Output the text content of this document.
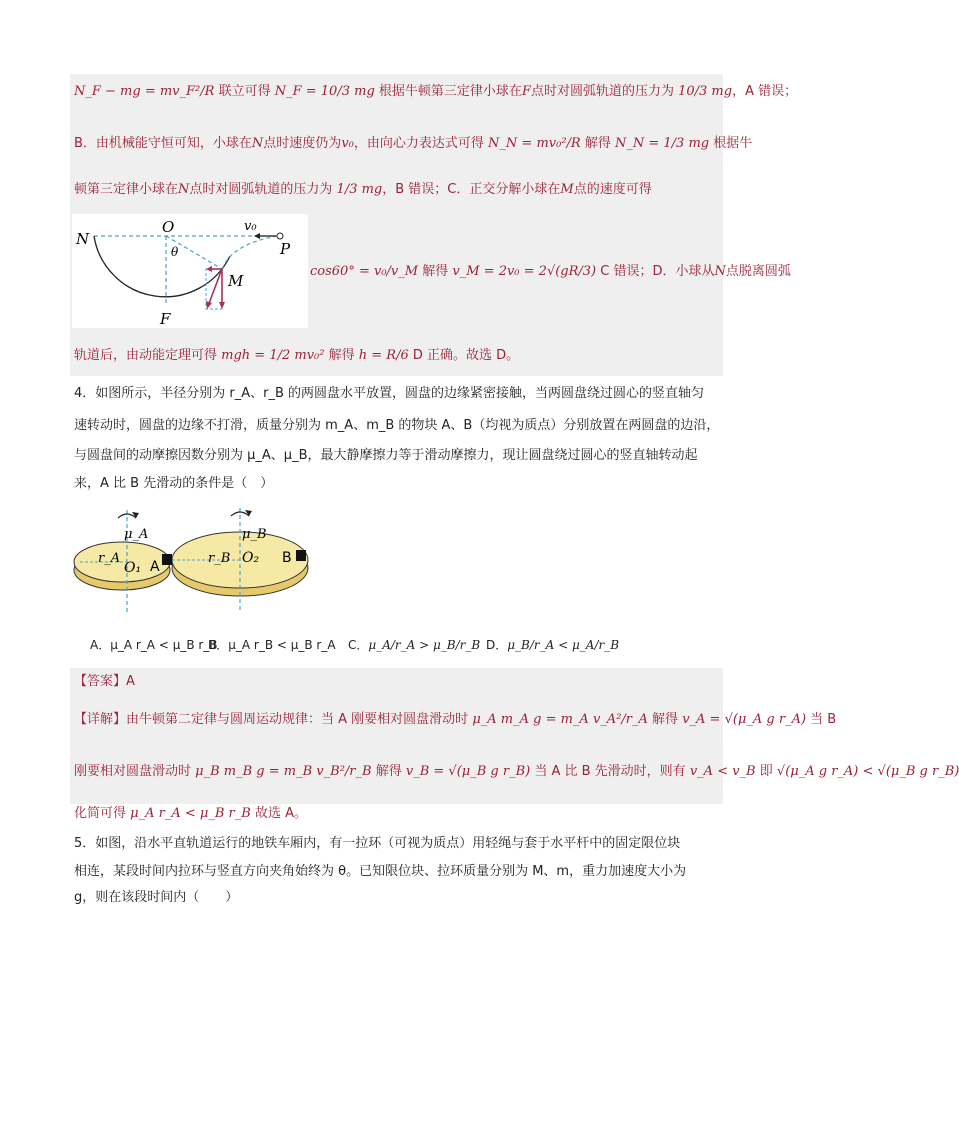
N_F − mg = mv_F²/R 联立可得 N_F = 10/3 mg 根据牛顿第三定律小球在F点时对圆弧轨道的压力为 10/3 mg，A 错误；
B．由机械能守恒可知，小球在N点时速度仍为v₀，由向心力表达式可得 N_N = mv₀²/R 解得 N_N = 1/3 mg 根据牛
顿第三定律小球在N点时对圆弧轨道的压力为 1/3 mg，B 错误；C．正交分解小球在M点的速度可得
N
O
θ
v₀
P
M
F
cos60° = v₀/v_M 解得 v_M = 2v₀ = 2√(gR/3) C 错误；D．小球从N点脱离圆弧
轨道后，由动能定理可得 mgh = 1/2 mv₀² 解得 h = R/6 D 正确。故选 D。
4．如图所示，半径分别为 r_A、r_B 的两圆盘水平放置，圆盘的边缘紧密接触，当两圆盘绕过圆心的竖直轴匀
速转动时，圆盘的边缘不打滑，质量分别为 m_A、m_B 的物块 A、B（均视为质点）分别放置在两圆盘的边沿，
与圆盘间的动摩擦因数分别为 μ_A、μ_B，最大静摩擦力等于滑动摩擦力，现让圆盘绕过圆心的竖直轴转动起
来，A 比 B 先滑动的条件是（　）
μ_A
r_A
O₁ A
μ_B
r_B O₂ B
A．μ_A r_A < μ_B r_B
B．μ_A r_B < μ_B r_A C．μ_A/r_A > μ_B/r_B D．μ_B/r_A < μ_A/r_B
【答案】A
【详解】由牛顿第二定律与圆周运动规律：当 A 刚要相对圆盘滑动时 μ_A m_A g = m_A v_A²/r_A 解得 v_A = √(μ_A g r_A) 当 B
刚要相对圆盘滑动时 μ_B m_B g = m_B v_B²/r_B 解得 v_B = √(μ_B g r_B) 当 A 比 B 先滑动时，则有 v_A < v_B 即 √(μ_A g r_A) < √(μ_B g r_B)
化简可得 μ_A r_A < μ_B r_B 故选 A。
5．如图，沿水平直轨道运行的地铁车厢内，有一拉环（可视为质点）用轻绳与套于水平杆中的固定限位块
相连，某段时间内拉环与竖直方向夹角始终为 θ。已知限位块、拉环质量分别为 M、m，重力加速度大小为
g，则在该段时间内（　　）
